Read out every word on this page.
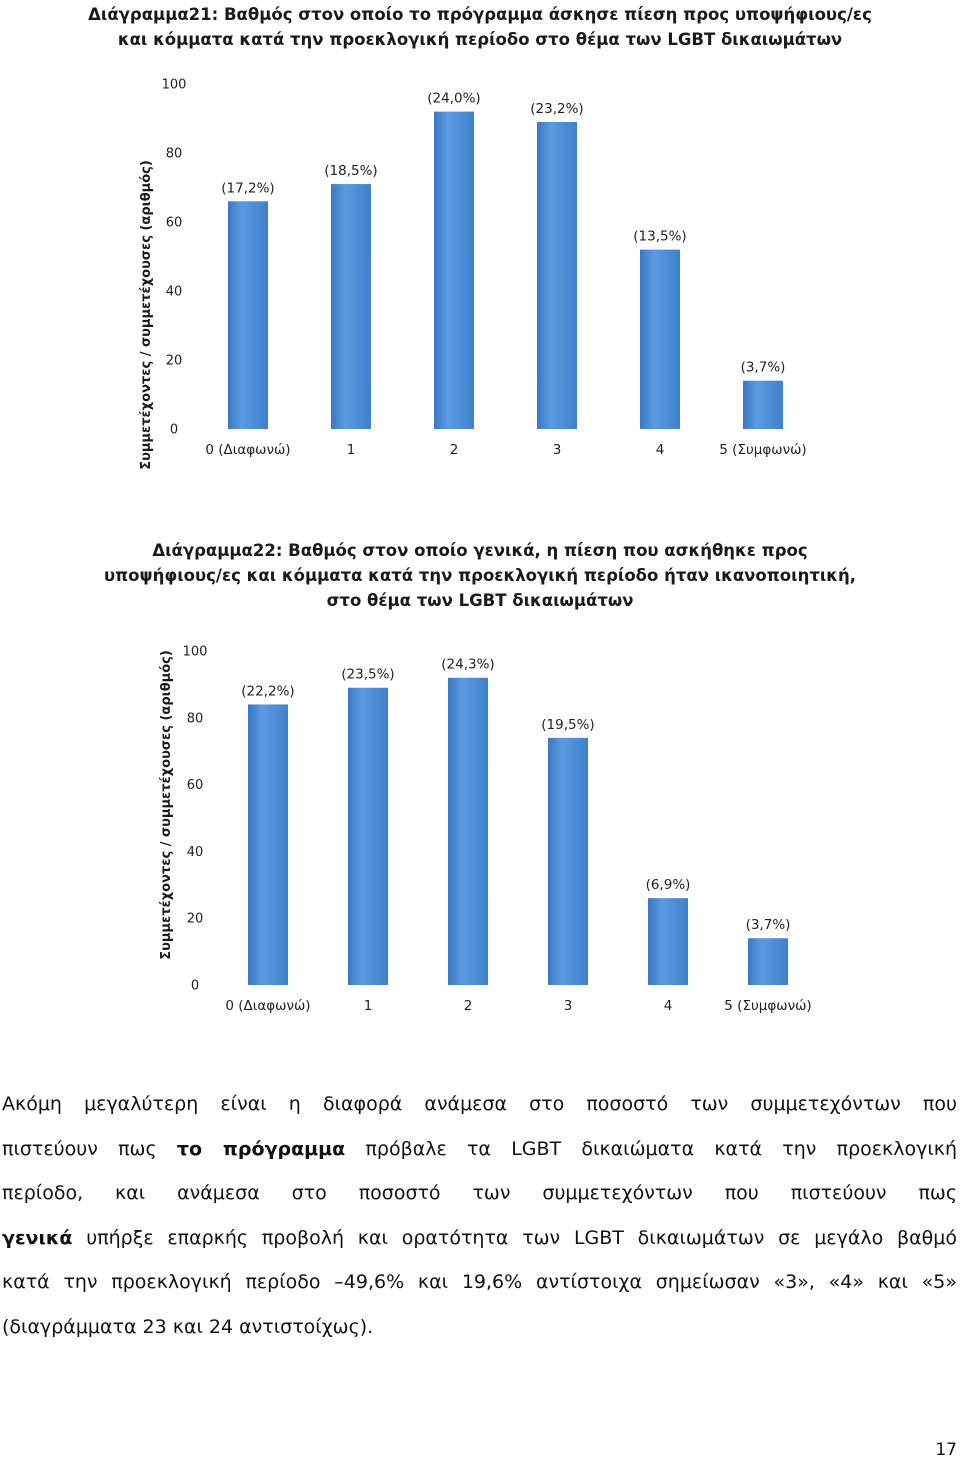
Διάγραμμα21: Βαθμός στον οποίο το πρόγραμμα άσκησε πίεση προς υποψήφιους/ες
και κόμματα κατά την προεκλογική περίοδο στο θέμα των LGBT δικαιωμάτων
Συμμετέχοντες / συμμετέχουσες (αριθμός) 0
20
40
60
80
100
(17,2%)
(18,5%)
(24,0%)
(23,2%)
(13,5%)
(3,7%)
0 (Διαφωνώ)	1	2	3	4	5 (Συμφωνώ)
Διάγραμμα22: Βαθμός στον οποίο γενικά, η πίεση που ασκήθηκε προς
υποψήφιους/ες και κόμματα κατά την προεκλογική περίοδο ήταν ικανοποιητική,
στο θέμα των LGBT δικαιωμάτων
Συμμετέχοντες / συμμετέχουσες (αριθμός)
0
20
40
60
80
100
(22,2%)
(23,5%)
(24,3%)
(19,5%)
(6,9%)
(3,7%)
0 (Διαφωνώ)	1	2	3	4	5 (Συμφωνώ)
Ακόμη μεγαλύτερη είναι η διαφορά ανάμεσα στο ποσοστό των συμμετεχόντων που
πιστεύουν πως το πρόγραμμα πρόβαλε τα LGBT δικαιώματα κατά την προεκλογική
περίοδο, και ανάμεσα στο ποσοστό των συμμετεχόντων που πιστεύουν πως
γενικά υπήρξε επαρκής προβολή και ορατότητα των LGBT δικαιωμάτων σε μεγάλο βαθμό
κατά την προεκλογική περίοδο –49,6% και 19,6% αντίστοιχα σημείωσαν «3», «4» και «5»
(διαγράμματα 23 και 24 αντιστοίχως).
17
